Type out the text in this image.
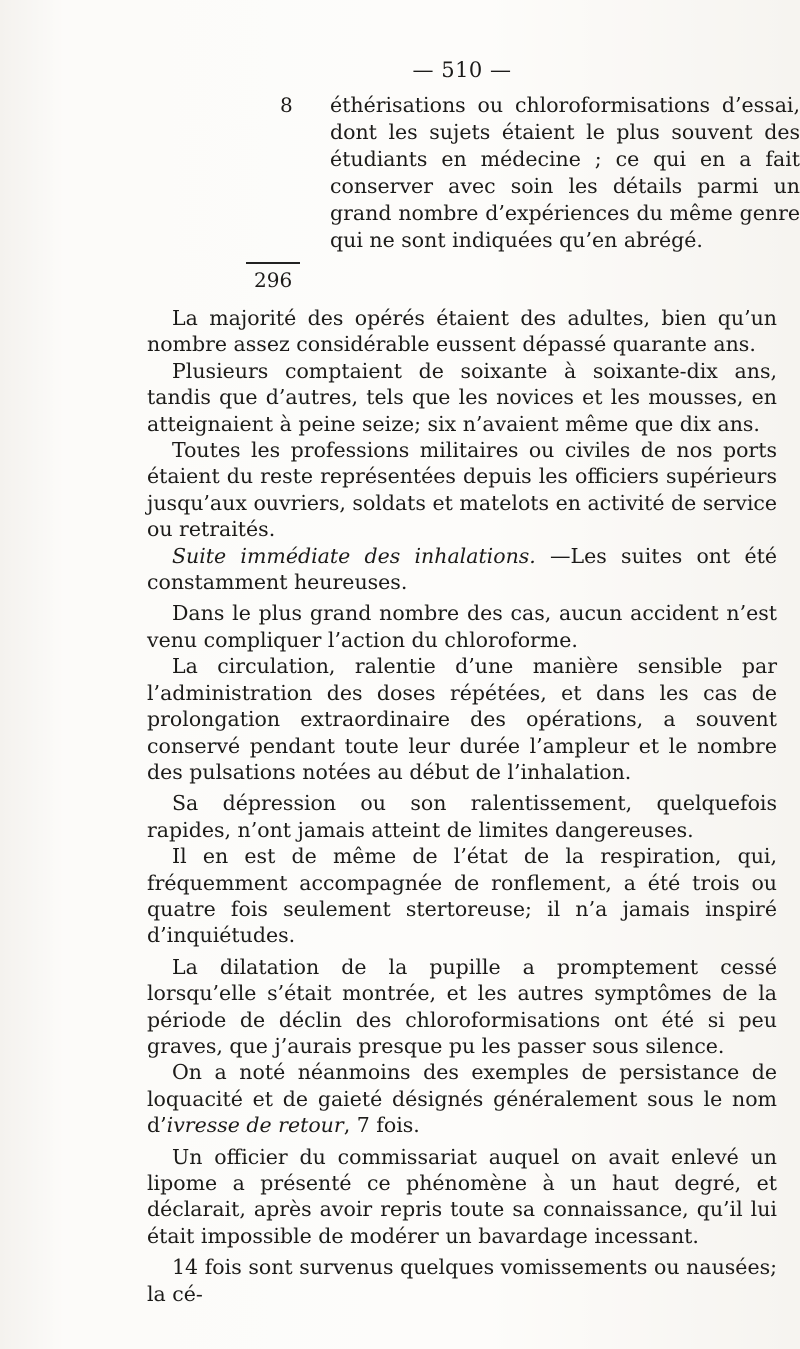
— 510 —
8 éthérisations ou chloroformisations d’essai, dont les sujets étaient le plus souvent des étudiants en médecine ; ce qui en a fait conserver avec soin les détails parmi un grand nombre d’expériences du même genre qui ne sont indiquées qu’en abrégé.
296

La majorité des opérés étaient des adultes, bien qu’un nombre assez considérable eussent dépassé quarante ans.

Plusieurs comptaient de soixante à soixante-dix ans, tandis que d’autres, tels que les novices et les mousses, en atteignaient à peine seize; six n’avaient même que dix ans.

Toutes les professions militaires ou civiles de nos ports étaient du reste représentées depuis les officiers supérieurs jusqu’aux ouvriers, soldats et matelots en activité de service ou retraités.

Suite immédiate des inhalations. —Les suites ont été constamment heureuses.

Dans le plus grand nombre des cas, aucun accident n’est venu compliquer l’action du chloroforme.

La circulation, ralentie d’une manière sensible par l’administration des doses répétées, et dans les cas de prolongation extraordinaire des opérations, a souvent conservé pendant toute leur durée l’ampleur et le nombre des pulsations notées au début de l’inhalation.

Sa dépression ou son ralentissement, quelquefois rapides, n’ont jamais atteint de limites dangereuses.

Il en est de même de l’état de la respiration, qui, fréquemment accompagnée de ronflement, a été trois ou quatre fois seulement stertoreuse; il n’a jamais inspiré d’inquiétudes.

La dilatation de la pupille a promptement cessé lorsqu’elle s’était montrée, et les autres symptômes de la période de déclin des chloroformisations ont été si peu graves, que j’aurais presque pu les passer sous silence.

On a noté néanmoins des exemples de persistance de loquacité et de gaieté désignés généralement sous le nom d’ivresse de retour, 7 fois.

Un officier du commissariat auquel on avait enlevé un lipome a présenté ce phénomène à un haut degré, et déclarait, après avoir repris toute sa connaissance, qu’il lui était impossible de modérer un bavardage incessant.

14 fois sont survenus quelques vomissements ou nausées; la cé-
